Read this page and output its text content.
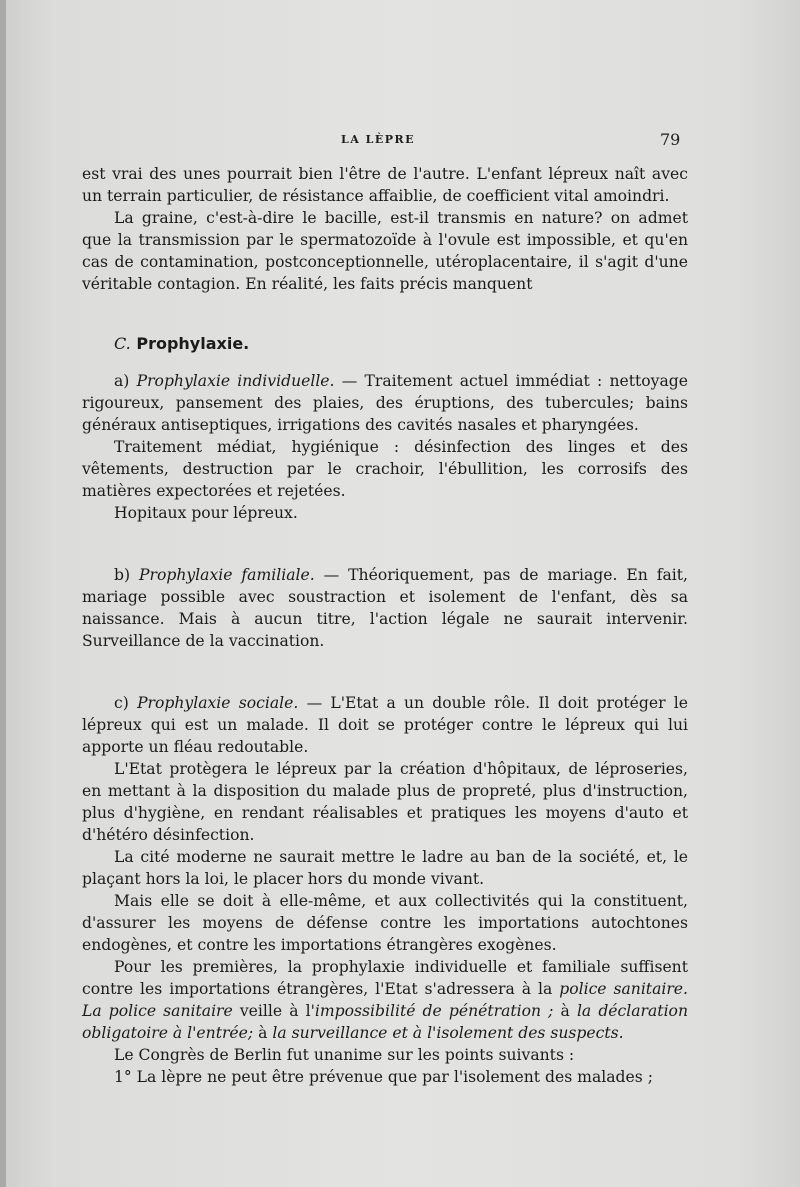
LA LÈPRE	79

est vrai des unes pourrait bien l'être de l'autre. L'enfant lépreux naît avec un terrain particulier, de résistance affaiblie, de coefficient vital amoindri.

La graine, c'est-à-dire le bacille, est-il transmis en nature? on admet que la transmission par le spermatozoïde à l'ovule est impossible, et qu'en cas de contamination, postconceptionnelle, utéroplacentaire, il s'agit d'une véritable contagion. En réalité, les faits précis manquent

C. Prophylaxie.

a) Prophylaxie individuelle. — Traitement actuel immédiat : nettoyage rigoureux, pansement des plaies, des éruptions, des tubercules; bains généraux antiseptiques, irrigations des cavités nasales et pharyngées.

Traitement médiat, hygiénique : désinfection des linges et des vêtements, destruction par le crachoir, l'ébullition, les corrosifs des matières expectorées et rejetées.

Hopitaux pour lépreux.

b) Prophylaxie familiale. — Théoriquement, pas de mariage. En fait, mariage possible avec soustraction et isolement de l'enfant, dès sa naissance. Mais à aucun titre, l'action légale ne saurait intervenir. Surveillance de la vaccination.

c) Prophylaxie sociale. — L'Etat a un double rôle. Il doit protéger le lépreux qui est un malade. Il doit se protéger contre le lépreux qui lui apporte un fléau redoutable.

L'Etat protègera le lépreux par la création d'hôpitaux, de léproseries, en mettant à la disposition du malade plus de propreté, plus d'instruction, plus d'hygiène, en rendant réalisables et pratiques les moyens d'auto et d'hétéro désinfection.

La cité moderne ne saurait mettre le ladre au ban de la société, et, le plaçant hors la loi, le placer hors du monde vivant.

Mais elle se doit à elle-même, et aux collectivités qui la constituent, d'assurer les moyens de défense contre les importations autochtones endogènes, et contre les importations étrangères exogènes.

Pour les premières, la prophylaxie individuelle et familiale suffisent contre les importations étrangères, l'Etat s'adressera à la police sanitaire. La police sanitaire veille à l'impossibilité de pénétration ; à la déclaration obligatoire à l'entrée; à la surveillance et à l'isolement des suspects.

Le Congrès de Berlin fut unanime sur les points suivants :

1° La lèpre ne peut être prévenue que par l'isolement des malades ;
